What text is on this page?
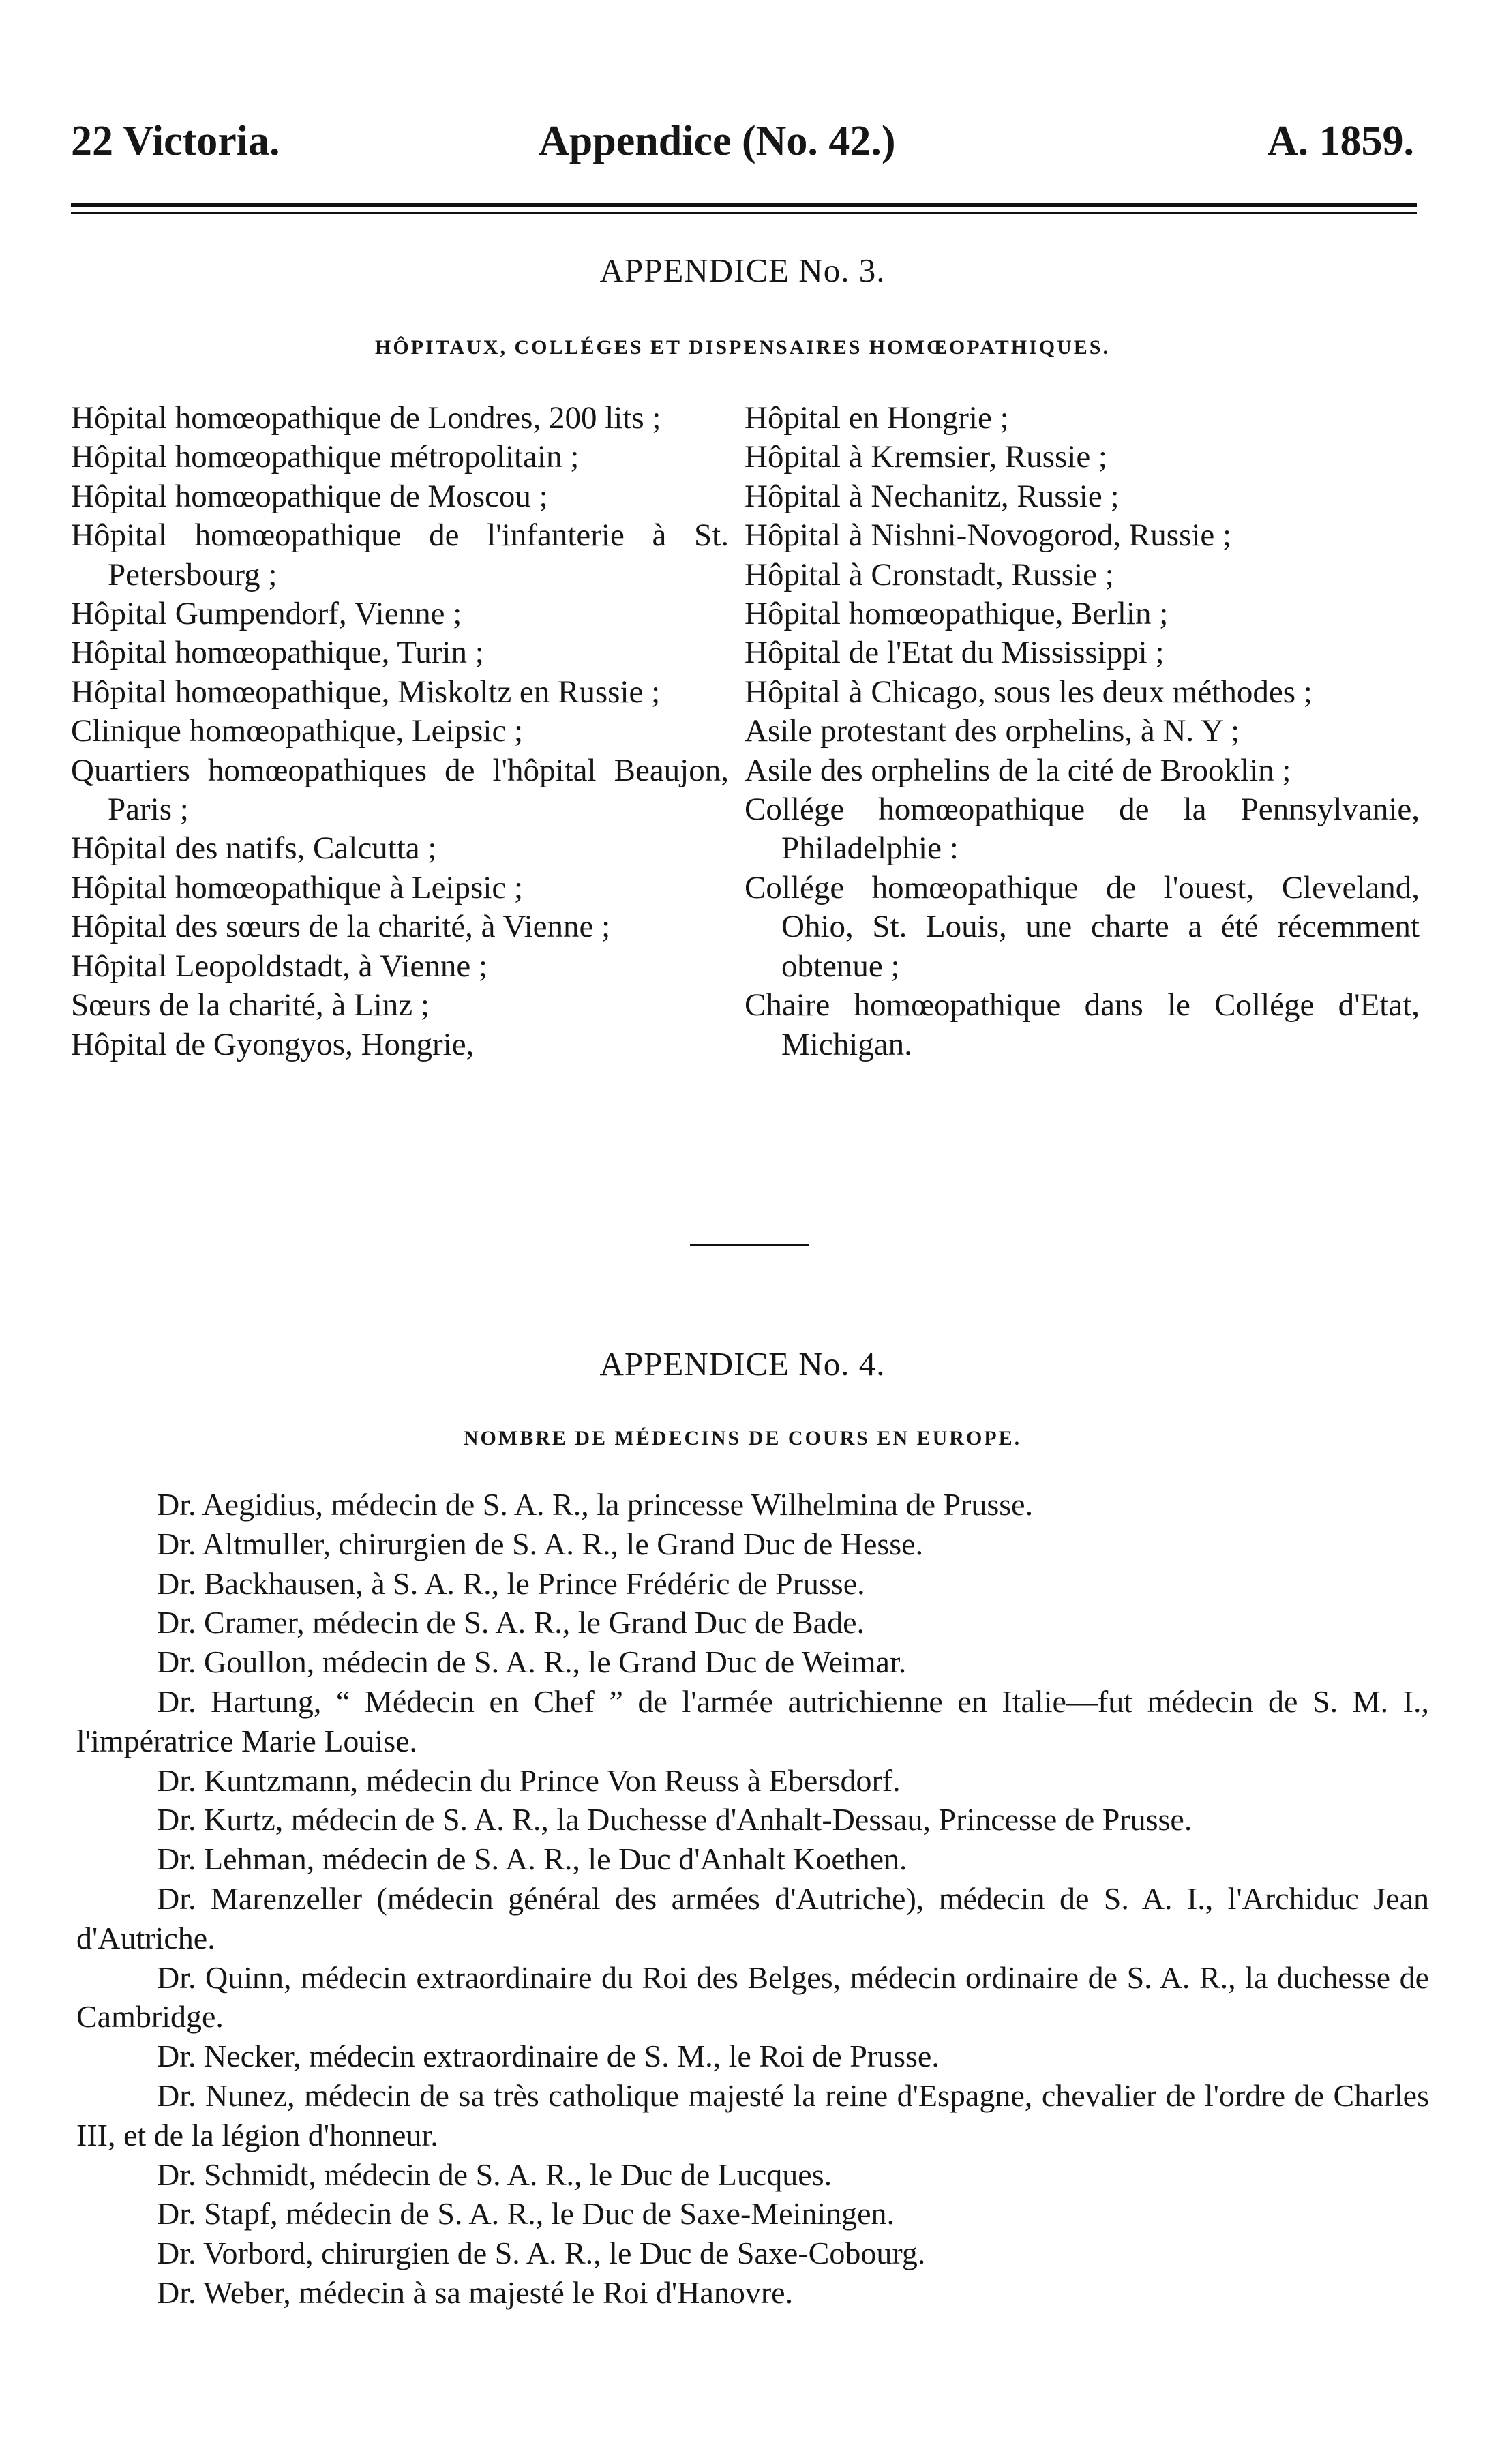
22 Victoria.	Appendice (No. 42.)	A. 1859.
APPENDICE No. 3.
HÔPITAUX, COLLÉGES ET DISPENSAIRES HOMŒOPATHIQUES.
Hôpital homœopathique de Londres, 200 lits ;
Hôpital homœopathique métropolitain ;
Hôpital homœopathique de Moscou ;
Hôpital homœopathique de l'infanterie à St. Petersbourg ;
Hôpital Gumpendorf, Vienne ;
Hôpital homœopathique, Turin ;
Hôpital homœopathique, Miskoltz en Russie ;
Clinique homœopathique, Leipsic ;
Quartiers homœopathiques de l'hôpital Beaujon, Paris ;
Hôpital des natifs, Calcutta ;
Hôpital homœopathique à Leipsic ;
Hôpital des sœurs de la charité, à Vienne ;
Hôpital Leopoldstadt, à Vienne ;
Sœurs de la charité, à Linz ;
Hôpital de Gyongyos, Hongrie,
Hôpital en Hongrie ;
Hôpital à Kremsier, Russie ;
Hôpital à Nechanitz, Russie ;
Hôpital à Nishni-Novogorod, Russie ;
Hôpital à Cronstadt, Russie ;
Hôpital homœopathique, Berlin ;
Hôpital de l'Etat du Mississippi ;
Hôpital à Chicago, sous les deux méthodes ;
Asile protestant des orphelins, à N. Y ;
Asile des orphelins de la cité de Brooklin ;
Collége homœopathique de la Pennsylvanie, Philadelphie :
Collége homœopathique de l'ouest, Cleveland, Ohio, St. Louis, une charte a été récemment obtenue ;
Chaire homœopathique dans le Collége d'Etat, Michigan.
APPENDICE No. 4.
NOMBRE DE MÉDECINS DE COURS EN EUROPE.
Dr. Aegidius, médecin de S. A. R., la princesse Wilhelmina de Prusse.
Dr. Altmuller, chirurgien de S. A. R., le Grand Duc de Hesse.
Dr. Backhausen, à S. A. R., le Prince Frédéric de Prusse.
Dr. Cramer, médecin de S. A. R., le Grand Duc de Bade.
Dr. Goullon, médecin de S. A. R., le Grand Duc de Weimar.
Dr. Hartung, “ Médecin en Chef ” de l'armée autrichienne en Italie—fut médecin de S. M. I., l'impératrice Marie Louise.
Dr. Kuntzmann, médecin du Prince Von Reuss à Ebersdorf.
Dr. Kurtz, médecin de S. A. R., la Duchesse d'Anhalt-Dessau, Princesse de Prusse.
Dr. Lehman, médecin de S. A. R., le Duc d'Anhalt Koethen.
Dr. Marenzeller (médecin général des armées d'Autriche), médecin de S. A. I., l'Archiduc Jean d'Autriche.
Dr. Quinn, médecin extraordinaire du Roi des Belges, médecin ordinaire de S. A. R., la duchesse de Cambridge.
Dr. Necker, médecin extraordinaire de S. M., le Roi de Prusse.
Dr. Nunez, médecin de sa très catholique majesté la reine d'Espagne, chevalier de l'ordre de Charles III, et de la légion d'honneur.
Dr. Schmidt, médecin de S. A. R., le Duc de Lucques.
Dr. Stapf, médecin de S. A. R., le Duc de Saxe-Meiningen.
Dr. Vorbord, chirurgien de S. A. R., le Duc de Saxe-Cobourg.
Dr. Weber, médecin à sa majesté le Roi d'Hanovre.
